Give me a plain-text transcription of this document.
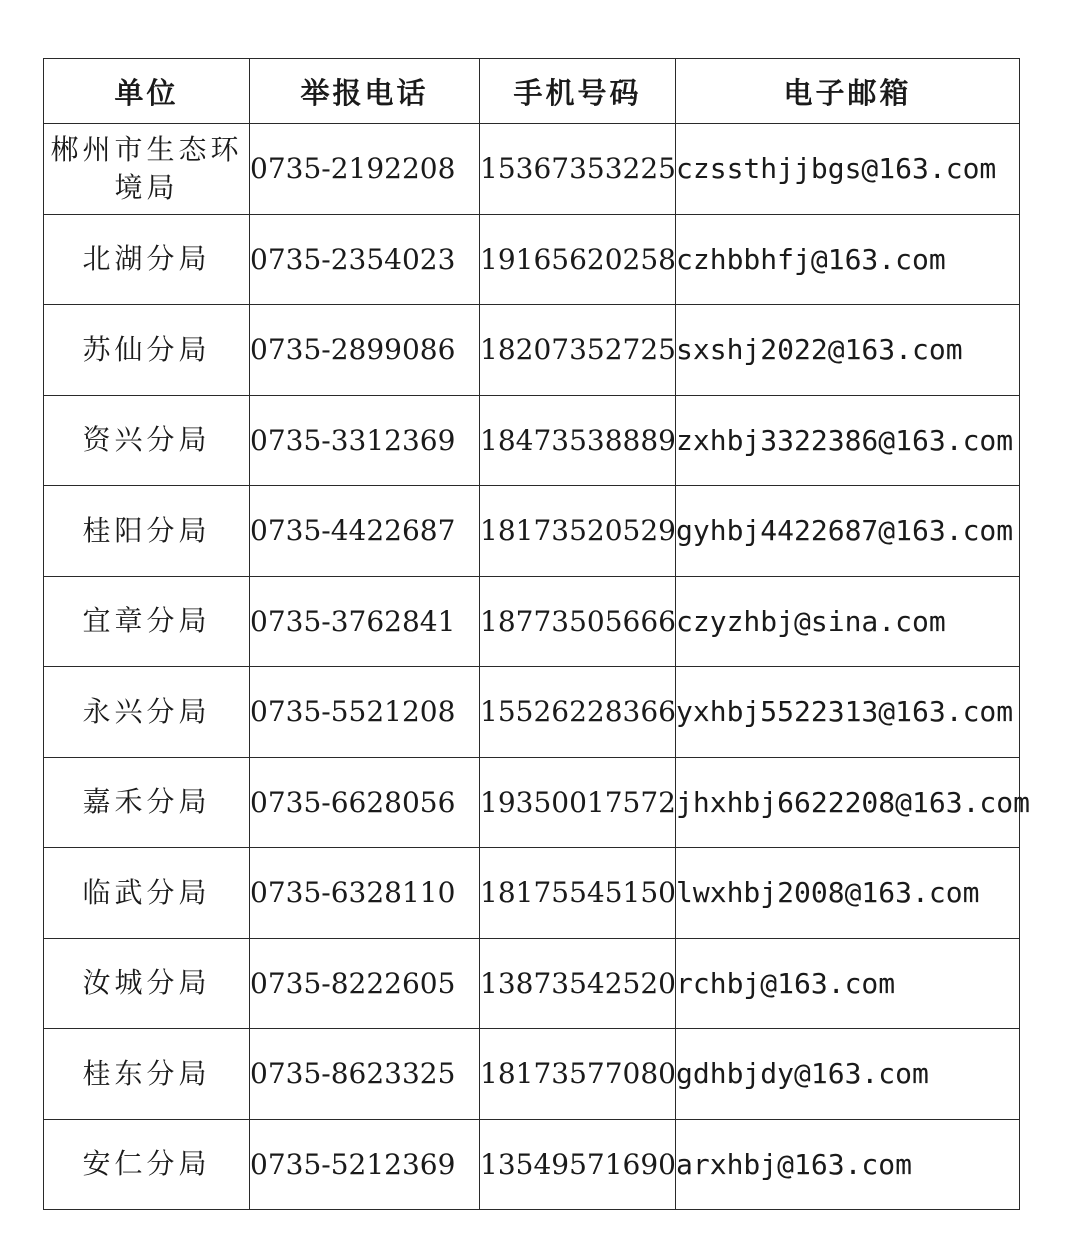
单位	举报电话	手机号码	电子邮箱
郴州市生态环境局	0735-2192208	15367353225	czssthjjbgs@163.com
北湖分局	0735-2354023	19165620258	czhbbhfj@163.com
苏仙分局	0735-2899086	18207352725	sxshj2022@163.com
资兴分局	0735-3312369	18473538889	zxhbj3322386@163.com
桂阳分局	0735-4422687	18173520529	gyhbj4422687@163.com
宜章分局	0735-3762841	18773505666	czyzhbj@sina.com
永兴分局	0735-5521208	15526228366	yxhbj5522313@163.com
嘉禾分局	0735-6628056	19350017572	jhxhbj6622208@163.com
临武分局	0735-6328110	18175545150	lwxhbj2008@163.com
汝城分局	0735-8222605	13873542520	rchbj@163.com
桂东分局	0735-8623325	18173577080	gdhbjdy@163.com
安仁分局	0735-5212369	13549571690	arxhbj@163.com
